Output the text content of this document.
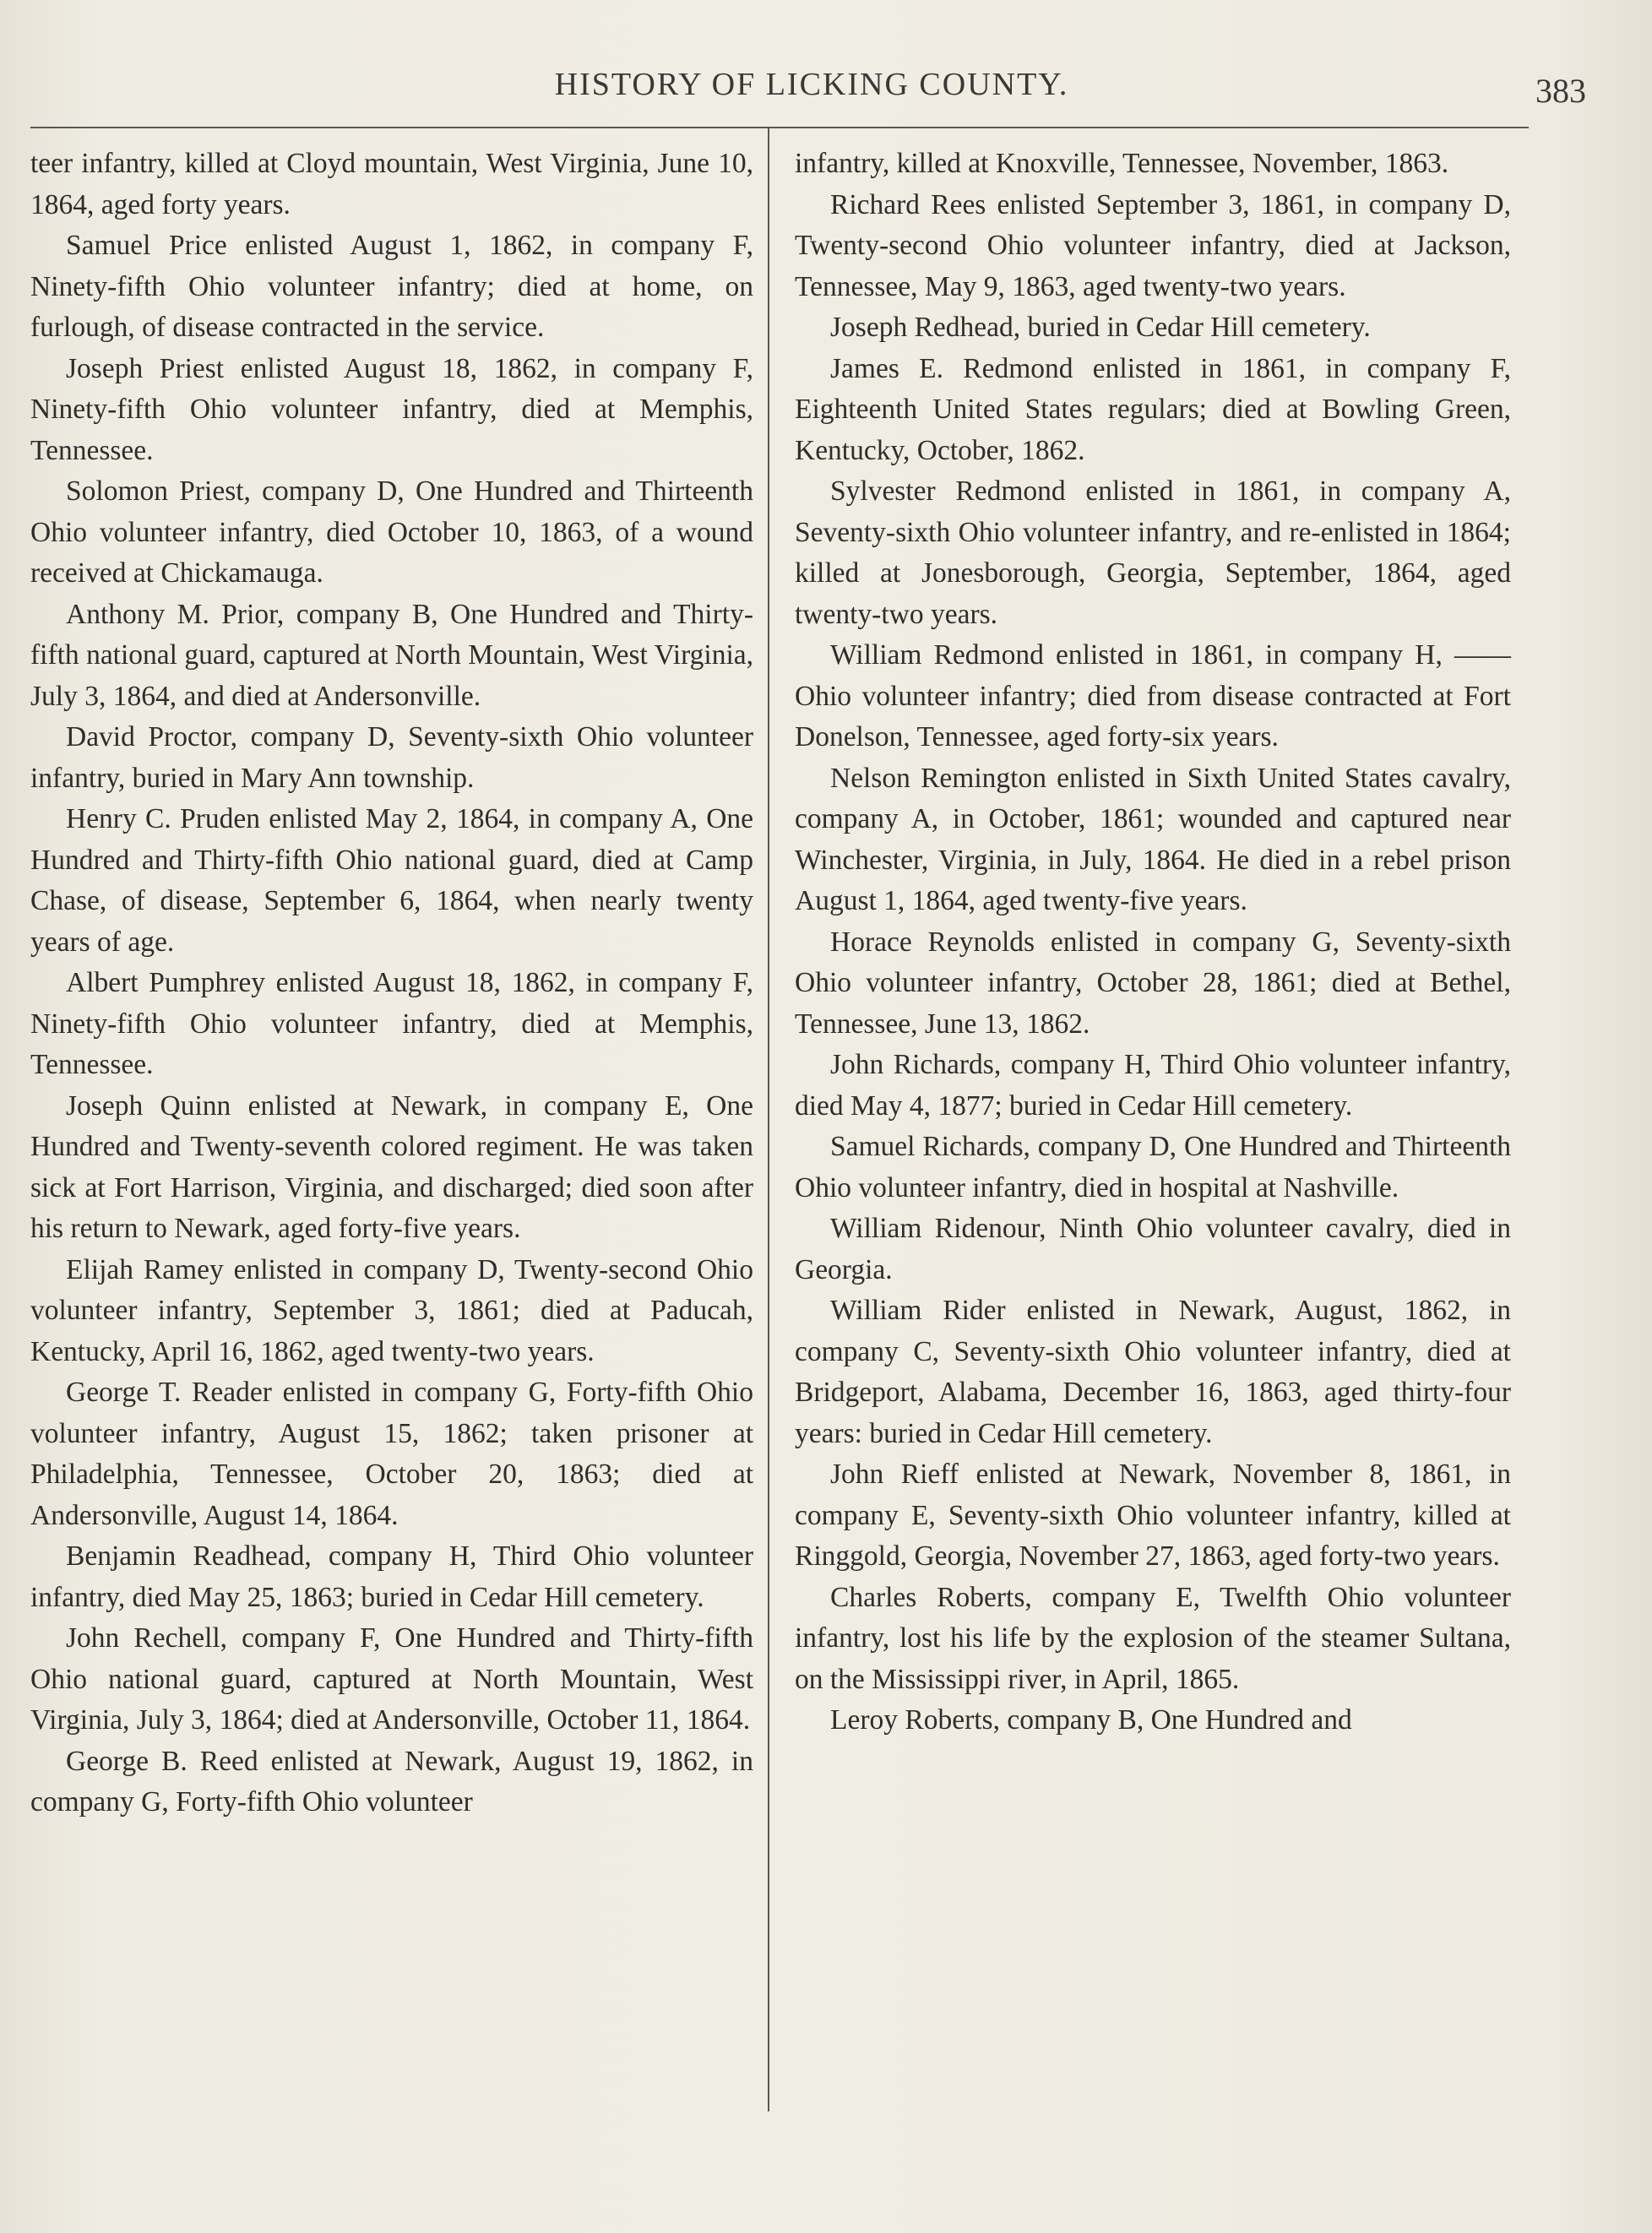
HISTORY OF LICKING COUNTY.	383

teer infantry, killed at Cloyd mountain, West Virginia, June 10, 1864, aged forty years.

Samuel Price enlisted August 1, 1862, in company F, Ninety-fifth Ohio volunteer infantry; died at home, on furlough, of disease contracted in the service.

Joseph Priest enlisted August 18, 1862, in company F, Ninety-fifth Ohio volunteer infantry, died at Memphis, Tennessee.

Solomon Priest, company D, One Hundred and Thirteenth Ohio volunteer infantry, died October 10, 1863, of a wound received at Chickamauga.

Anthony M. Prior, company B, One Hundred and Thirty-fifth national guard, captured at North Mountain, West Virginia, July 3, 1864, and died at Andersonville.

David Proctor, company D, Seventy-sixth Ohio volunteer infantry, buried in Mary Ann township.

Henry C. Pruden enlisted May 2, 1864, in company A, One Hundred and Thirty-fifth Ohio national guard, died at Camp Chase, of disease, September 6, 1864, when nearly twenty years of age.

Albert Pumphrey enlisted August 18, 1862, in company F, Ninety-fifth Ohio volunteer infantry, died at Memphis, Tennessee.

Joseph Quinn enlisted at Newark, in company E, One Hundred and Twenty-seventh colored regiment. He was taken sick at Fort Harrison, Virginia, and discharged; died soon after his return to Newark, aged forty-five years.

Elijah Ramey enlisted in company D, Twenty-second Ohio volunteer infantry, September 3, 1861; died at Paducah, Kentucky, April 16, 1862, aged twenty-two years.

George T. Reader enlisted in company G, Forty-fifth Ohio volunteer infantry, August 15, 1862; taken prisoner at Philadelphia, Tennessee, October 20, 1863; died at Andersonville, August 14, 1864.

Benjamin Readhead, company H, Third Ohio volunteer infantry, died May 25, 1863; buried in Cedar Hill cemetery.

John Rechell, company F, One Hundred and Thirty-fifth Ohio national guard, captured at North Mountain, West Virginia, July 3, 1864; died at Andersonville, October 11, 1864.

George B. Reed enlisted at Newark, August 19, 1862, in company G, Forty-fifth Ohio volunteer

infantry, killed at Knoxville, Tennessee, November, 1863.

Richard Rees enlisted September 3, 1861, in company D, Twenty-second Ohio volunteer infantry, died at Jackson, Tennessee, May 9, 1863, aged twenty-two years.

Joseph Redhead, buried in Cedar Hill cemetery.

James E. Redmond enlisted in 1861, in company F, Eighteenth United States regulars; died at Bowling Green, Kentucky, October, 1862.

Sylvester Redmond enlisted in 1861, in company A, Seventy-sixth Ohio volunteer infantry, and re-enlisted in 1864; killed at Jonesborough, Georgia, September, 1864, aged twenty-two years.

William Redmond enlisted in 1861, in company H, —— Ohio volunteer infantry; died from disease contracted at Fort Donelson, Tennessee, aged forty-six years.

Nelson Remington enlisted in Sixth United States cavalry, company A, in October, 1861; wounded and captured near Winchester, Virginia, in July, 1864. He died in a rebel prison August 1, 1864, aged twenty-five years.

Horace Reynolds enlisted in company G, Seventy-sixth Ohio volunteer infantry, October 28, 1861; died at Bethel, Tennessee, June 13, 1862.

John Richards, company H, Third Ohio volunteer infantry, died May 4, 1877; buried in Cedar Hill cemetery.

Samuel Richards, company D, One Hundred and Thirteenth Ohio volunteer infantry, died in hospital at Nashville.

William Ridenour, Ninth Ohio volunteer cavalry, died in Georgia.

William Rider enlisted in Newark, August, 1862, in company C, Seventy-sixth Ohio volunteer infantry, died at Bridgeport, Alabama, December 16, 1863, aged thirty-four years: buried in Cedar Hill cemetery.

John Rieff enlisted at Newark, November 8, 1861, in company E, Seventy-sixth Ohio volunteer infantry, killed at Ringgold, Georgia, November 27, 1863, aged forty-two years.

Charles Roberts, company E, Twelfth Ohio volunteer infantry, lost his life by the explosion of the steamer Sultana, on the Mississippi river, in April, 1865.

Leroy Roberts, company B, One Hundred and
